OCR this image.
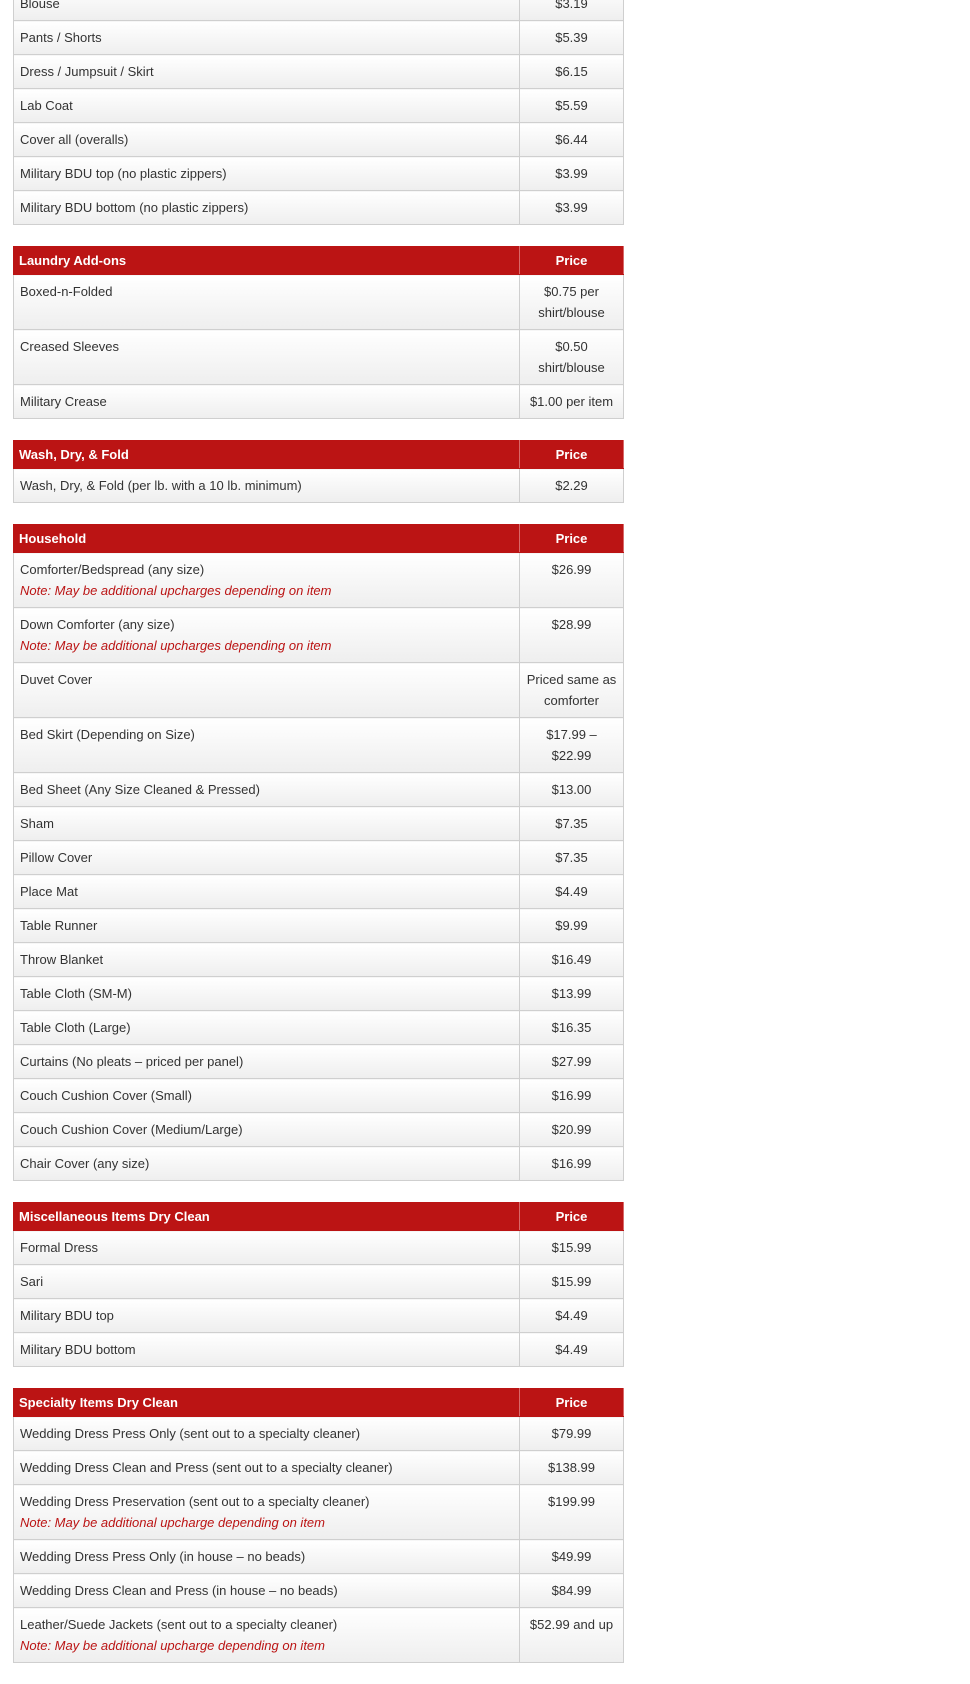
Blouse	$3.19
Pants / Shorts	$5.39
Dress / Jumpsuit / Skirt	$6.15
Lab Coat	$5.59
Cover all (overalls)	$6.44
Military BDU top (no plastic zippers)	$3.99
Military BDU bottom (no plastic zippers)	$3.99
Laundry Add-ons	Price
Boxed-n-Folded	$0.75 per shirt/blouse
Creased Sleeves	$0.50 shirt/blouse
Military Crease	$1.00 per item
Wash, Dry, & Fold	Price
Wash, Dry, & Fold (per lb. with a 10 lb. minimum)	$2.29
Household	Price
Comforter/Bedspread (any size)
Note: May be additional upcharges depending on item	$26.99
Down Comforter (any size)
Note: May be additional upcharges depending on item	$28.99
Duvet Cover	Priced same as comforter
Bed Skirt (Depending on Size)	$17.99 – $22.99
Bed Sheet (Any Size Cleaned & Pressed)	$13.00
Sham	$7.35
Pillow Cover	$7.35
Place Mat	$4.49
Table Runner	$9.99
Throw Blanket	$16.49
Table Cloth (SM-M)	$13.99
Table Cloth (Large)	$16.35
Curtains (No pleats – priced per panel)	$27.99
Couch Cushion Cover (Small)	$16.99
Couch Cushion Cover (Medium/Large)	$20.99
Chair Cover (any size)	$16.99
Miscellaneous Items Dry Clean	Price
Formal Dress	$15.99
Sari	$15.99
Military BDU top	$4.49
Military BDU bottom	$4.49
Specialty Items Dry Clean	Price
Wedding Dress Press Only (sent out to a specialty cleaner)	$79.99
Wedding Dress Clean and Press (sent out to a specialty cleaner)	$138.99
Wedding Dress Preservation (sent out to a specialty cleaner)
Note: May be additional upcharge depending on item	$199.99
Wedding Dress Press Only (in house – no beads)	$49.99
Wedding Dress Clean and Press (in house – no beads)	$84.99
Leather/Suede Jackets (sent out to a specialty cleaner)
Note: May be additional upcharge depending on item	$52.99 and up
